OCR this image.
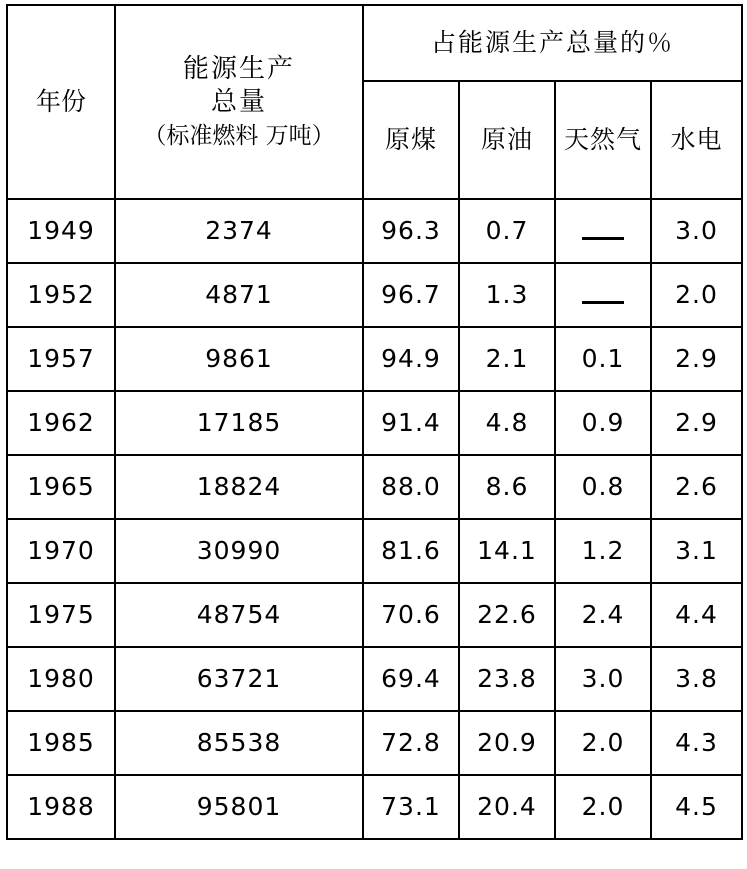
年份	能源生产
总量
（标准燃料 万吨）	占能源生产总量的％			
		原煤	原油	天然气	水电
1949	2374	96.3	0.7		3.0
1952	4871	96.7	1.3		2.0
1957	9861	94.9	2.1	0.1	2.9
1962	17185	91.4	4.8	0.9	2.9
1965	18824	88.0	8.6	0.8	2.6
1970	30990	81.6	14.1	1.2	3.1
1975	48754	70.6	22.6	2.4	4.4
1980	63721	69.4	23.8	3.0	3.8
1985	85538	72.8	20.9	2.0	4.3
1988	95801	73.1	20.4	2.0	4.5
